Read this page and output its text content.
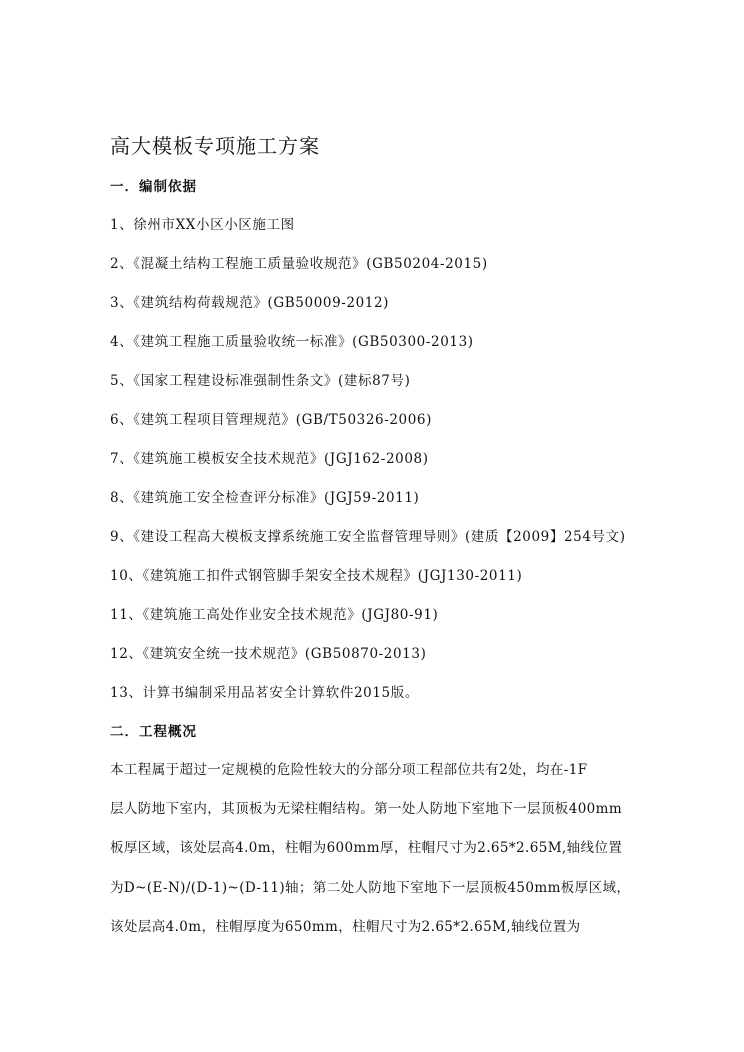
高大模板专项施工方案
一．编制依据
1、徐州市XX小区小区施工图
2、《混凝土结构工程施工质量验收规范》(GB50204-2015)
3、《建筑结构荷载规范》(GB50009-2012)
4、《建筑工程施工质量验收统一标准》(GB50300-2013)
5、《国家工程建设标准强制性条文》(建标87号)
6、《建筑工程项目管理规范》(GB/T50326-2006)
7、《建筑施工模板安全技术规范》(JGJ162-2008)
8、《建筑施工安全检查评分标准》(JGJ59-2011)
9、《建设工程高大模板支撑系统施工安全监督管理导则》(建质【2009】254号文)
10、《建筑施工扣件式钢管脚手架安全技术规程》(JGJ130-2011)
11、《建筑施工高处作业安全技术规范》(JGJ80-91)
12、《建筑安全统一技术规范》(GB50870-2013)
13、计算书编制采用品茗安全计算软件2015版。
二．工程概况
本工程属于超过一定规模的危险性较大的分部分项工程部位共有2处，均在-1F
层人防地下室内，其顶板为无梁柱帽结构。第一处人防地下室地下一层顶板400mm
板厚区域，该处层高4.0m，柱帽为600mm厚，柱帽尺寸为2.65*2.65M,轴线位置
为D~(E-N)/(D-1)~(D-11)轴；第二处人防地下室地下一层顶板450mm板厚区域，
该处层高4.0m，柱帽厚度为650mm，柱帽尺寸为2.65*2.65M,轴线位置为
